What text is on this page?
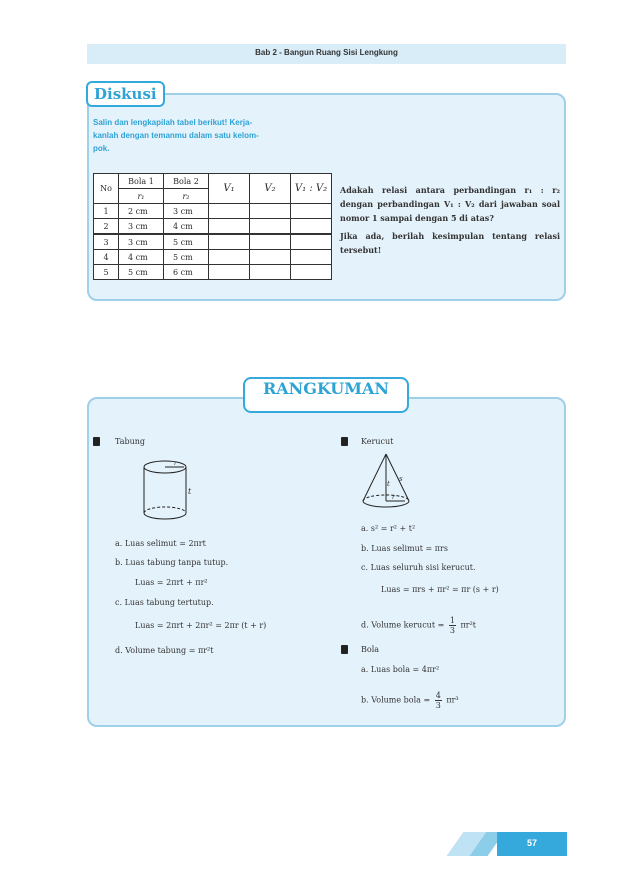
Bab 2 - Bangun Ruang Sisi Lengkung
Diskusi
Salin dan lengkapilah tabel berikut! Kerja-
kanlah dengan temanmu dalam satu kelom-
pok.
No	Bola 1	Bola 2	V₁	V₂	V₁ : V₂
	r₁	r₂			
1	2 cm	3 cm			
2	3 cm	4 cm			
3	3 cm	5 cm			
4	4 cm	5 cm			
5	5 cm	6 cm			

Adakah relasi antara perbandingan r₁ : r₂ dengan perbandingan V₁ : V₂ dari jawaban soal nomor 1 sampai dengan 5 di atas?

Jika ada, berilah kesimpulan tentang relasi tersebut!

RANGKUMAN
Tabung
t
r
a. Luas selimut = 2πrt
b. Luas tabung tanpa tutup.
Luas = 2πrt + πr²
c. Luas tabung tertutup.
Luas = 2πrt + 2πr² = 2πr (t + r)
d. Volume tabung = πr²t
Kerucut
t
s
r
a. s² = r² + t²
b. Luas selimut = πrs
c. Luas seluruh sisi kerucut.
Luas = πrs + πr² = πr (s + r)
d. Volume kerucut = $\frac{1}{3} \pi r^2t$
Bola
a. Luas bola = 4πr²
b. Volume bola = $\frac{4}{3} \pi r^3$
57
